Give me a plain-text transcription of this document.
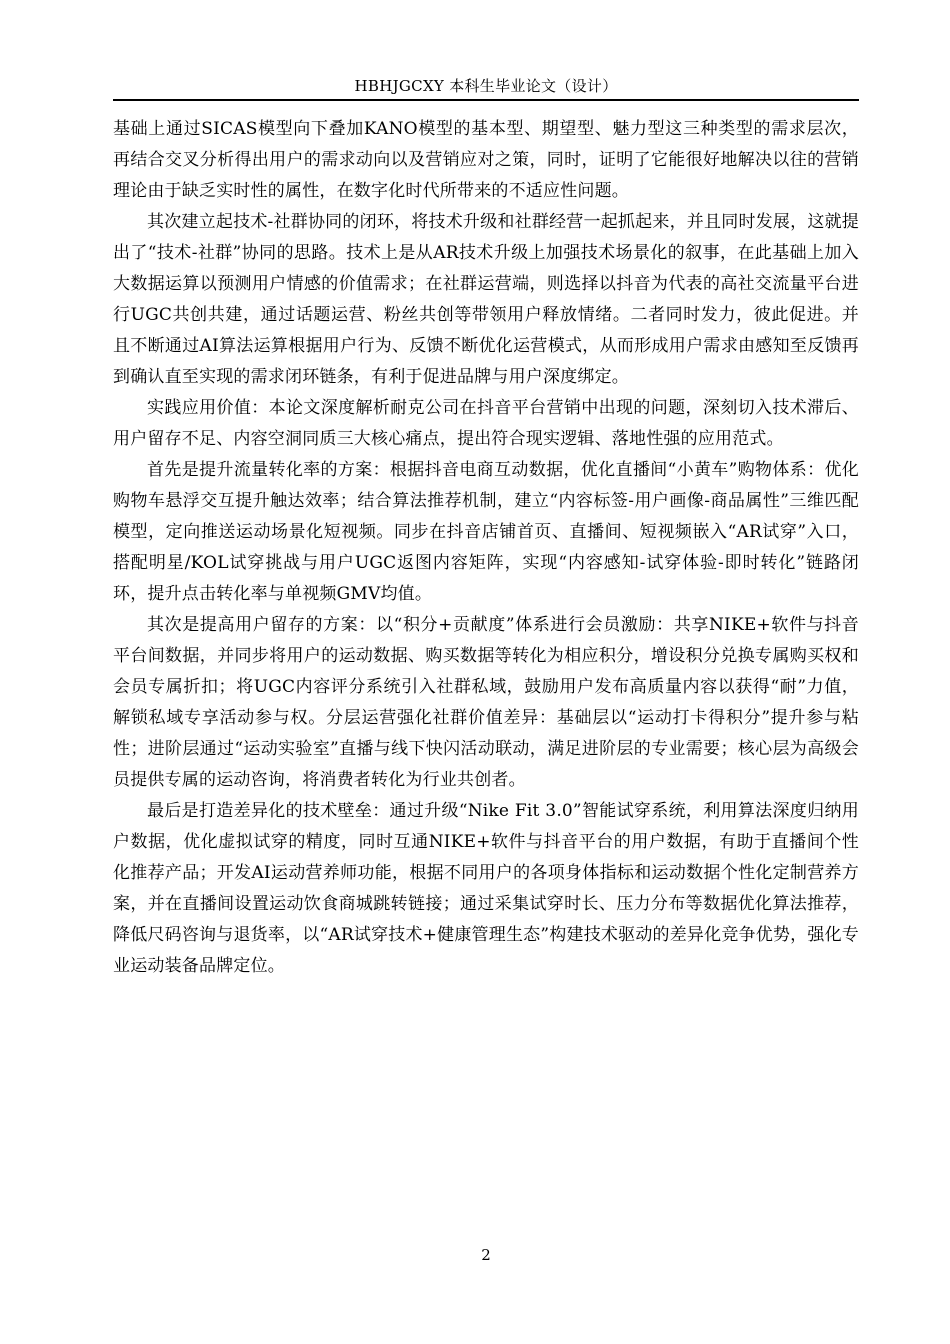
HBHJGCXY 本科生毕业论文（设计）

基础上通过SICAS模型向下叠加KANO模型的基本型、期望型、魅力型这三种类型的需求层次，再结合交叉分析得出用户的需求动向以及营销应对之策，同时，证明了它能很好地解决以往的营销理论由于缺乏实时性的属性，在数字化时代所带来的不适应性问题。

其次建立起技术-社群协同的闭环，将技术升级和社群经营一起抓起来，并且同时发展，这就提出了“技术-社群”协同的思路。技术上是从AR技术升级上加强技术场景化的叙事，在此基础上加入大数据运算以预测用户情感的价值需求；在社群运营端，则选择以抖音为代表的高社交流量平台进行UGC共创共建，通过话题运营、粉丝共创等带领用户释放情绪。二者同时发力，彼此促进。并且不断通过AI算法运算根据用户行为、反馈不断优化运营模式，从而形成用户需求由感知至反馈再到确认直至实现的需求闭环链条，有利于促进品牌与用户深度绑定。

实践应用价值：本论文深度解析耐克公司在抖音平台营销中出现的问题，深刻切入技术滞后、用户留存不足、内容空洞同质三大核心痛点，提出符合现实逻辑、落地性强的应用范式。

首先是提升流量转化率的方案：根据抖音电商互动数据，优化直播间“小黄车”购物体系：优化购物车悬浮交互提升触达效率；结合算法推荐机制，建立“内容标签-用户画像-商品属性”三维匹配模型，定向推送运动场景化短视频。同步在抖音店铺首页、直播间、短视频嵌入“AR试穿”入口，搭配明星/KOL试穿挑战与用户UGC返图内容矩阵，实现“内容感知-试穿体验-即时转化”链路闭环，提升点击转化率与单视频GMV均值。

其次是提高用户留存的方案：以“积分+贡献度”体系进行会员激励：共享NIKE+软件与抖音平台间数据，并同步将用户的运动数据、购买数据等转化为相应积分，增设积分兑换专属购买权和会员专属折扣；将UGC内容评分系统引入社群私域，鼓励用户发布高质量内容以获得“耐”力值，解锁私域专享活动参与权。分层运营强化社群价值差异：基础层以“运动打卡得积分”提升参与粘性；进阶层通过“运动实验室”直播与线下快闪活动联动，满足进阶层的专业需要；核心层为高级会员提供专属的运动咨询，将消费者转化为行业共创者。

最后是打造差异化的技术壁垒：通过升级“Nike Fit 3.0”智能试穿系统，利用算法深度归纳用户数据，优化虚拟试穿的精度，同时互通NIKE+软件与抖音平台的用户数据，有助于直播间个性化推荐产品；开发AI运动营养师功能，根据不同用户的各项身体指标和运动数据个性化定制营养方案，并在直播间设置运动饮食商城跳转链接；通过采集试穿时长、压力分布等数据优化算法推荐，降低尺码咨询与退货率，以“AR试穿技术+健康管理生态”构建技术驱动的差异化竞争优势，强化专业运动装备品牌定位。

2
